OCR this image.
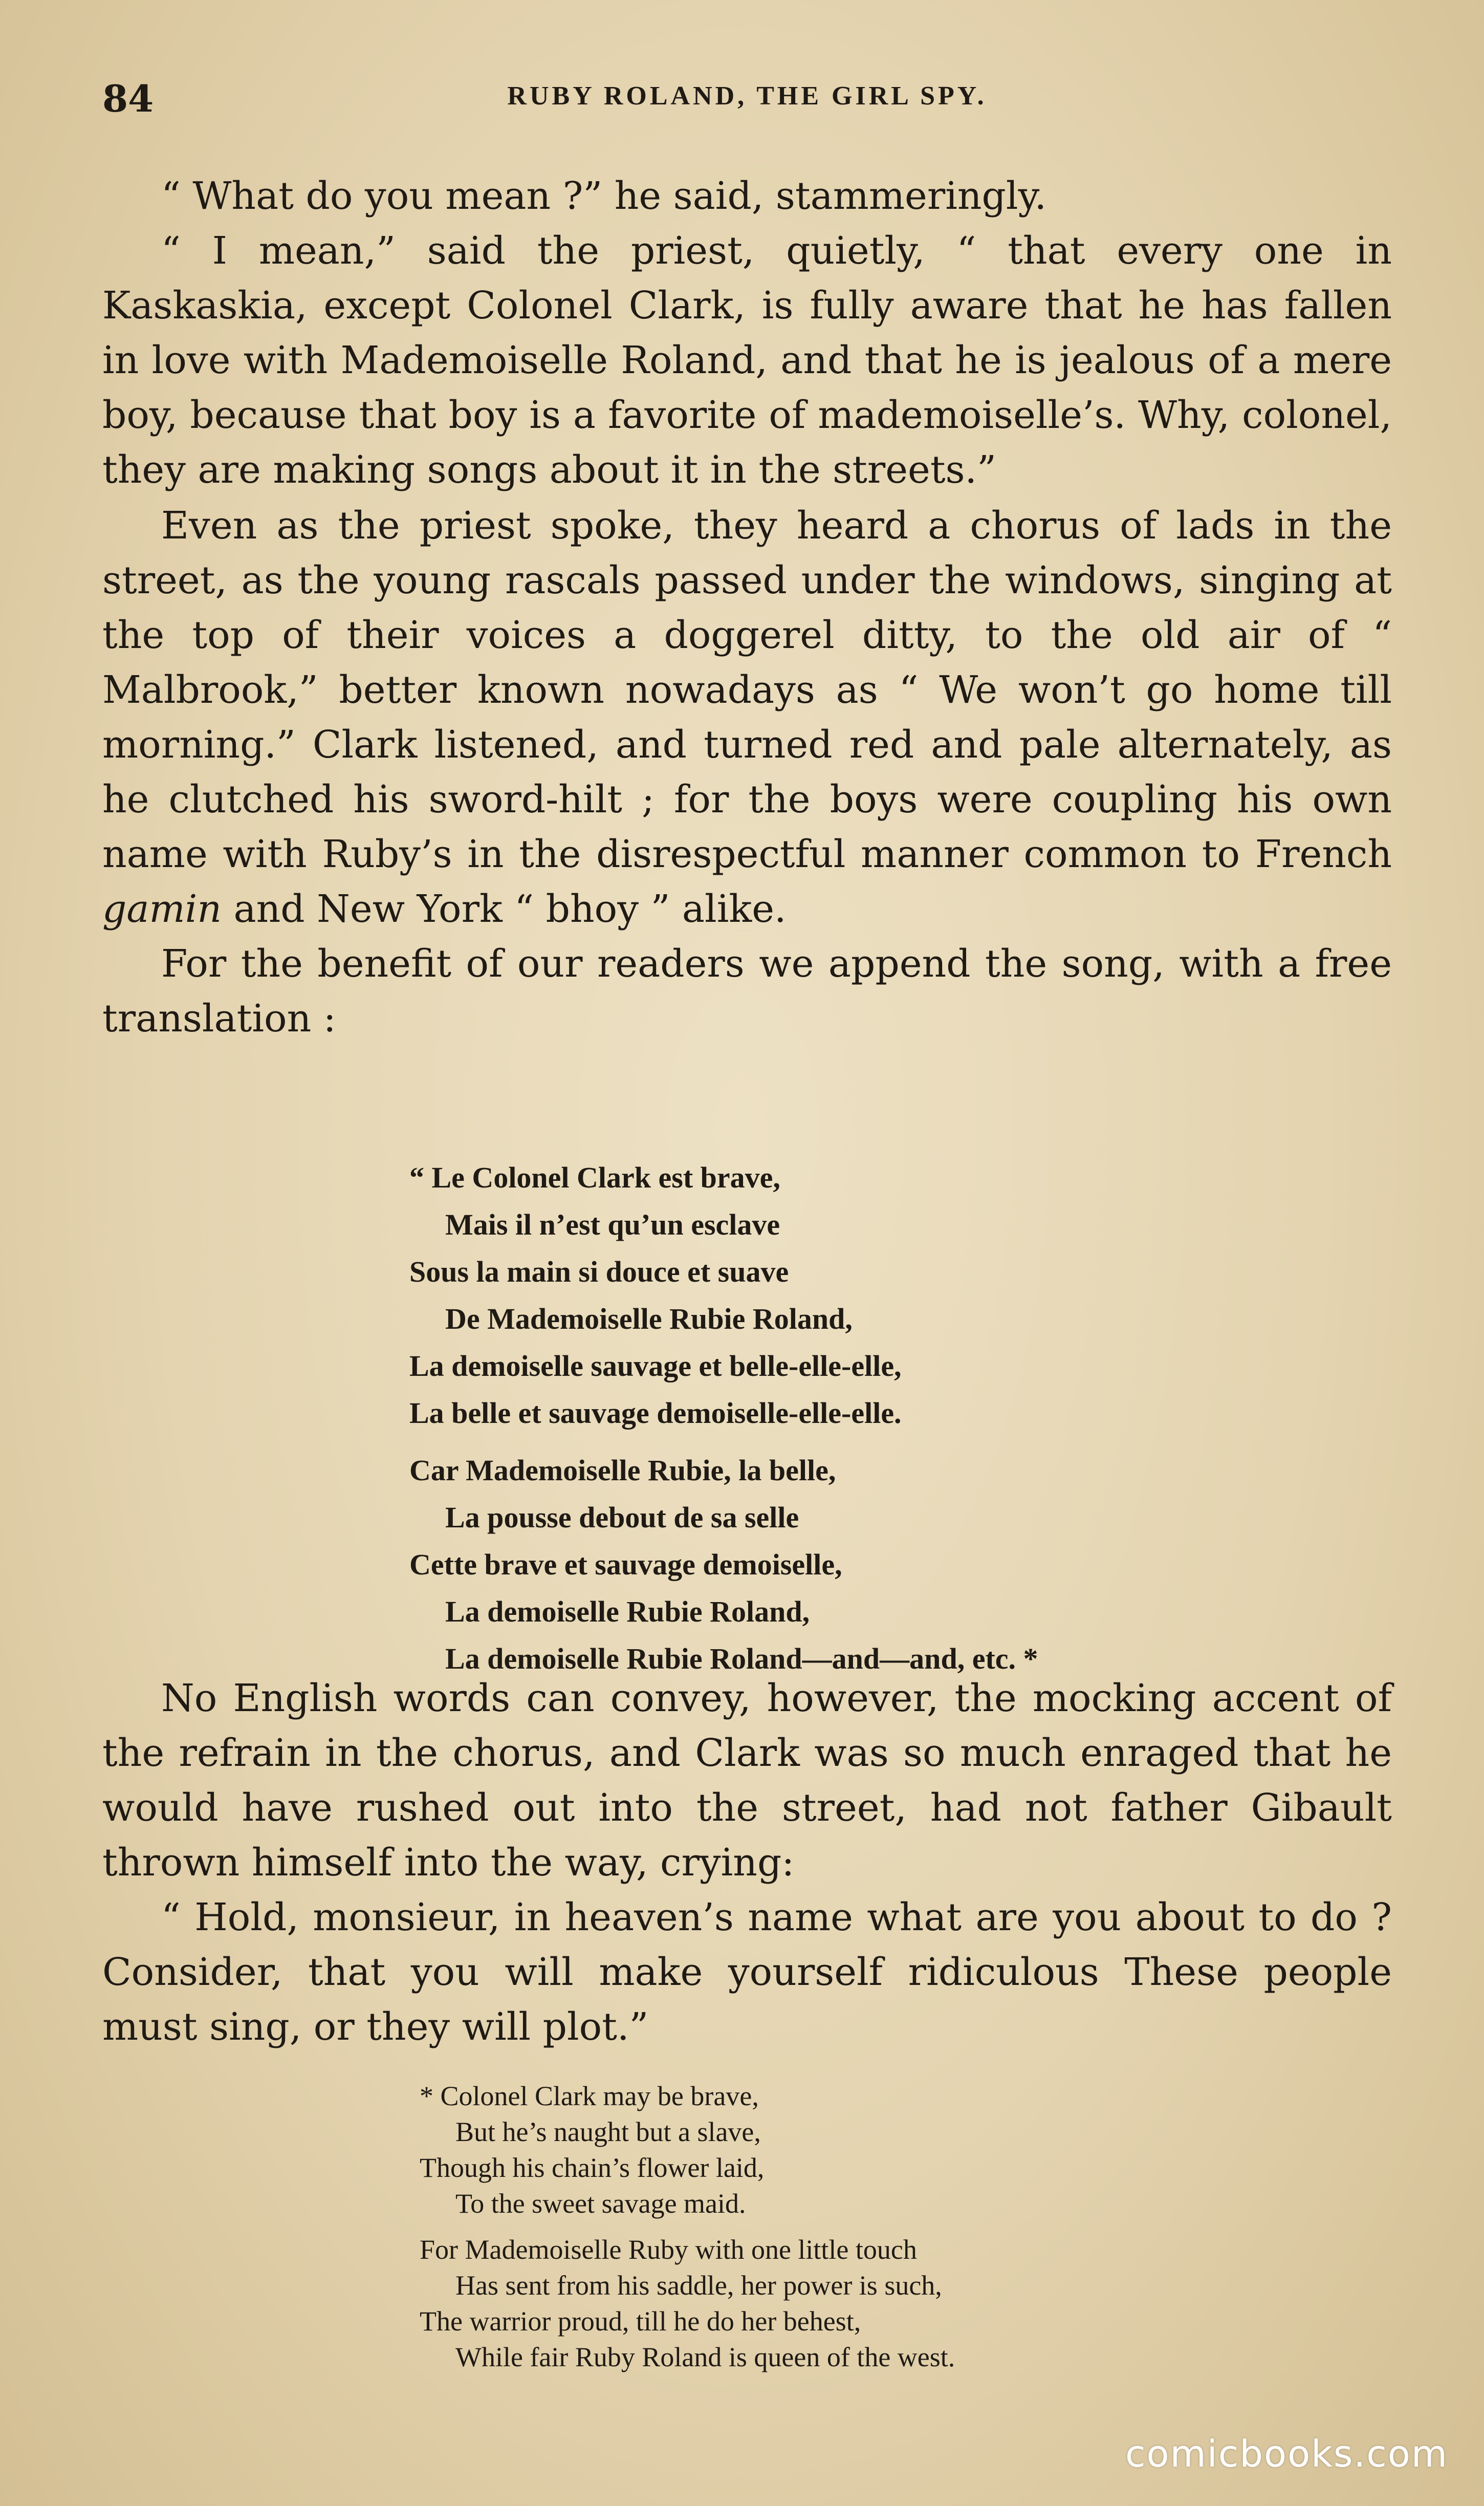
84	RUBY ROLAND, THE GIRL SPY.

“ What do you mean ?” he said, stammeringly.

“ I mean,” said the priest, quietly, “ that every one in Kaskaskia, except Colonel Clark, is fully aware that he has fallen in love with Mademoiselle Roland, and that he is jealous of a mere boy, because that boy is a favorite of mademoiselle’s. Why, colonel, they are making songs about it in the streets.”

Even as the priest spoke, they heard a chorus of lads in the street, as the young rascals passed under the windows, singing at the top of their voices a doggerel ditty, to the old air of “ Malbrook,” better known nowadays as “ We won’t go home till morning.” Clark listened, and turned red and pale alternately, as he clutched his sword-hilt ; for the boys were coupling his own name with Ruby’s in the disrespectful manner common to French gamin and New York “ bhoy ” alike.

For the benefit of our readers we append the song, with a free translation :

“ Le Colonel Clark est brave,
Mais il n’est qu’un esclave
Sous la main si douce et suave
De Mademoiselle Rubie Roland,
La demoiselle sauvage et belle-elle-elle,
La belle et sauvage demoiselle-elle-elle.
Car Mademoiselle Rubie, la belle,
La pousse debout de sa selle
Cette brave et sauvage demoiselle,
La demoiselle Rubie Roland,
La demoiselle Rubie Roland—and—and, etc. *

No English words can convey, however, the mocking accent of the refrain in the chorus, and Clark was so much enraged that he would have rushed out into the street, had not father Gibault thrown himself into the way, crying:

“ Hold, monsieur, in heaven’s name what are you about to do ? Consider, that you will make yourself ridiculous These people must sing, or they will plot.”

* Colonel Clark may be brave,
But he’s naught but a slave,
Though his chain’s flower laid,
To the sweet savage maid.
For Mademoiselle Ruby with one little touch
Has sent from his saddle, her power is such,
The warrior proud, till he do her behest,
While fair Ruby Roland is queen of the west.
comicbooks.com
